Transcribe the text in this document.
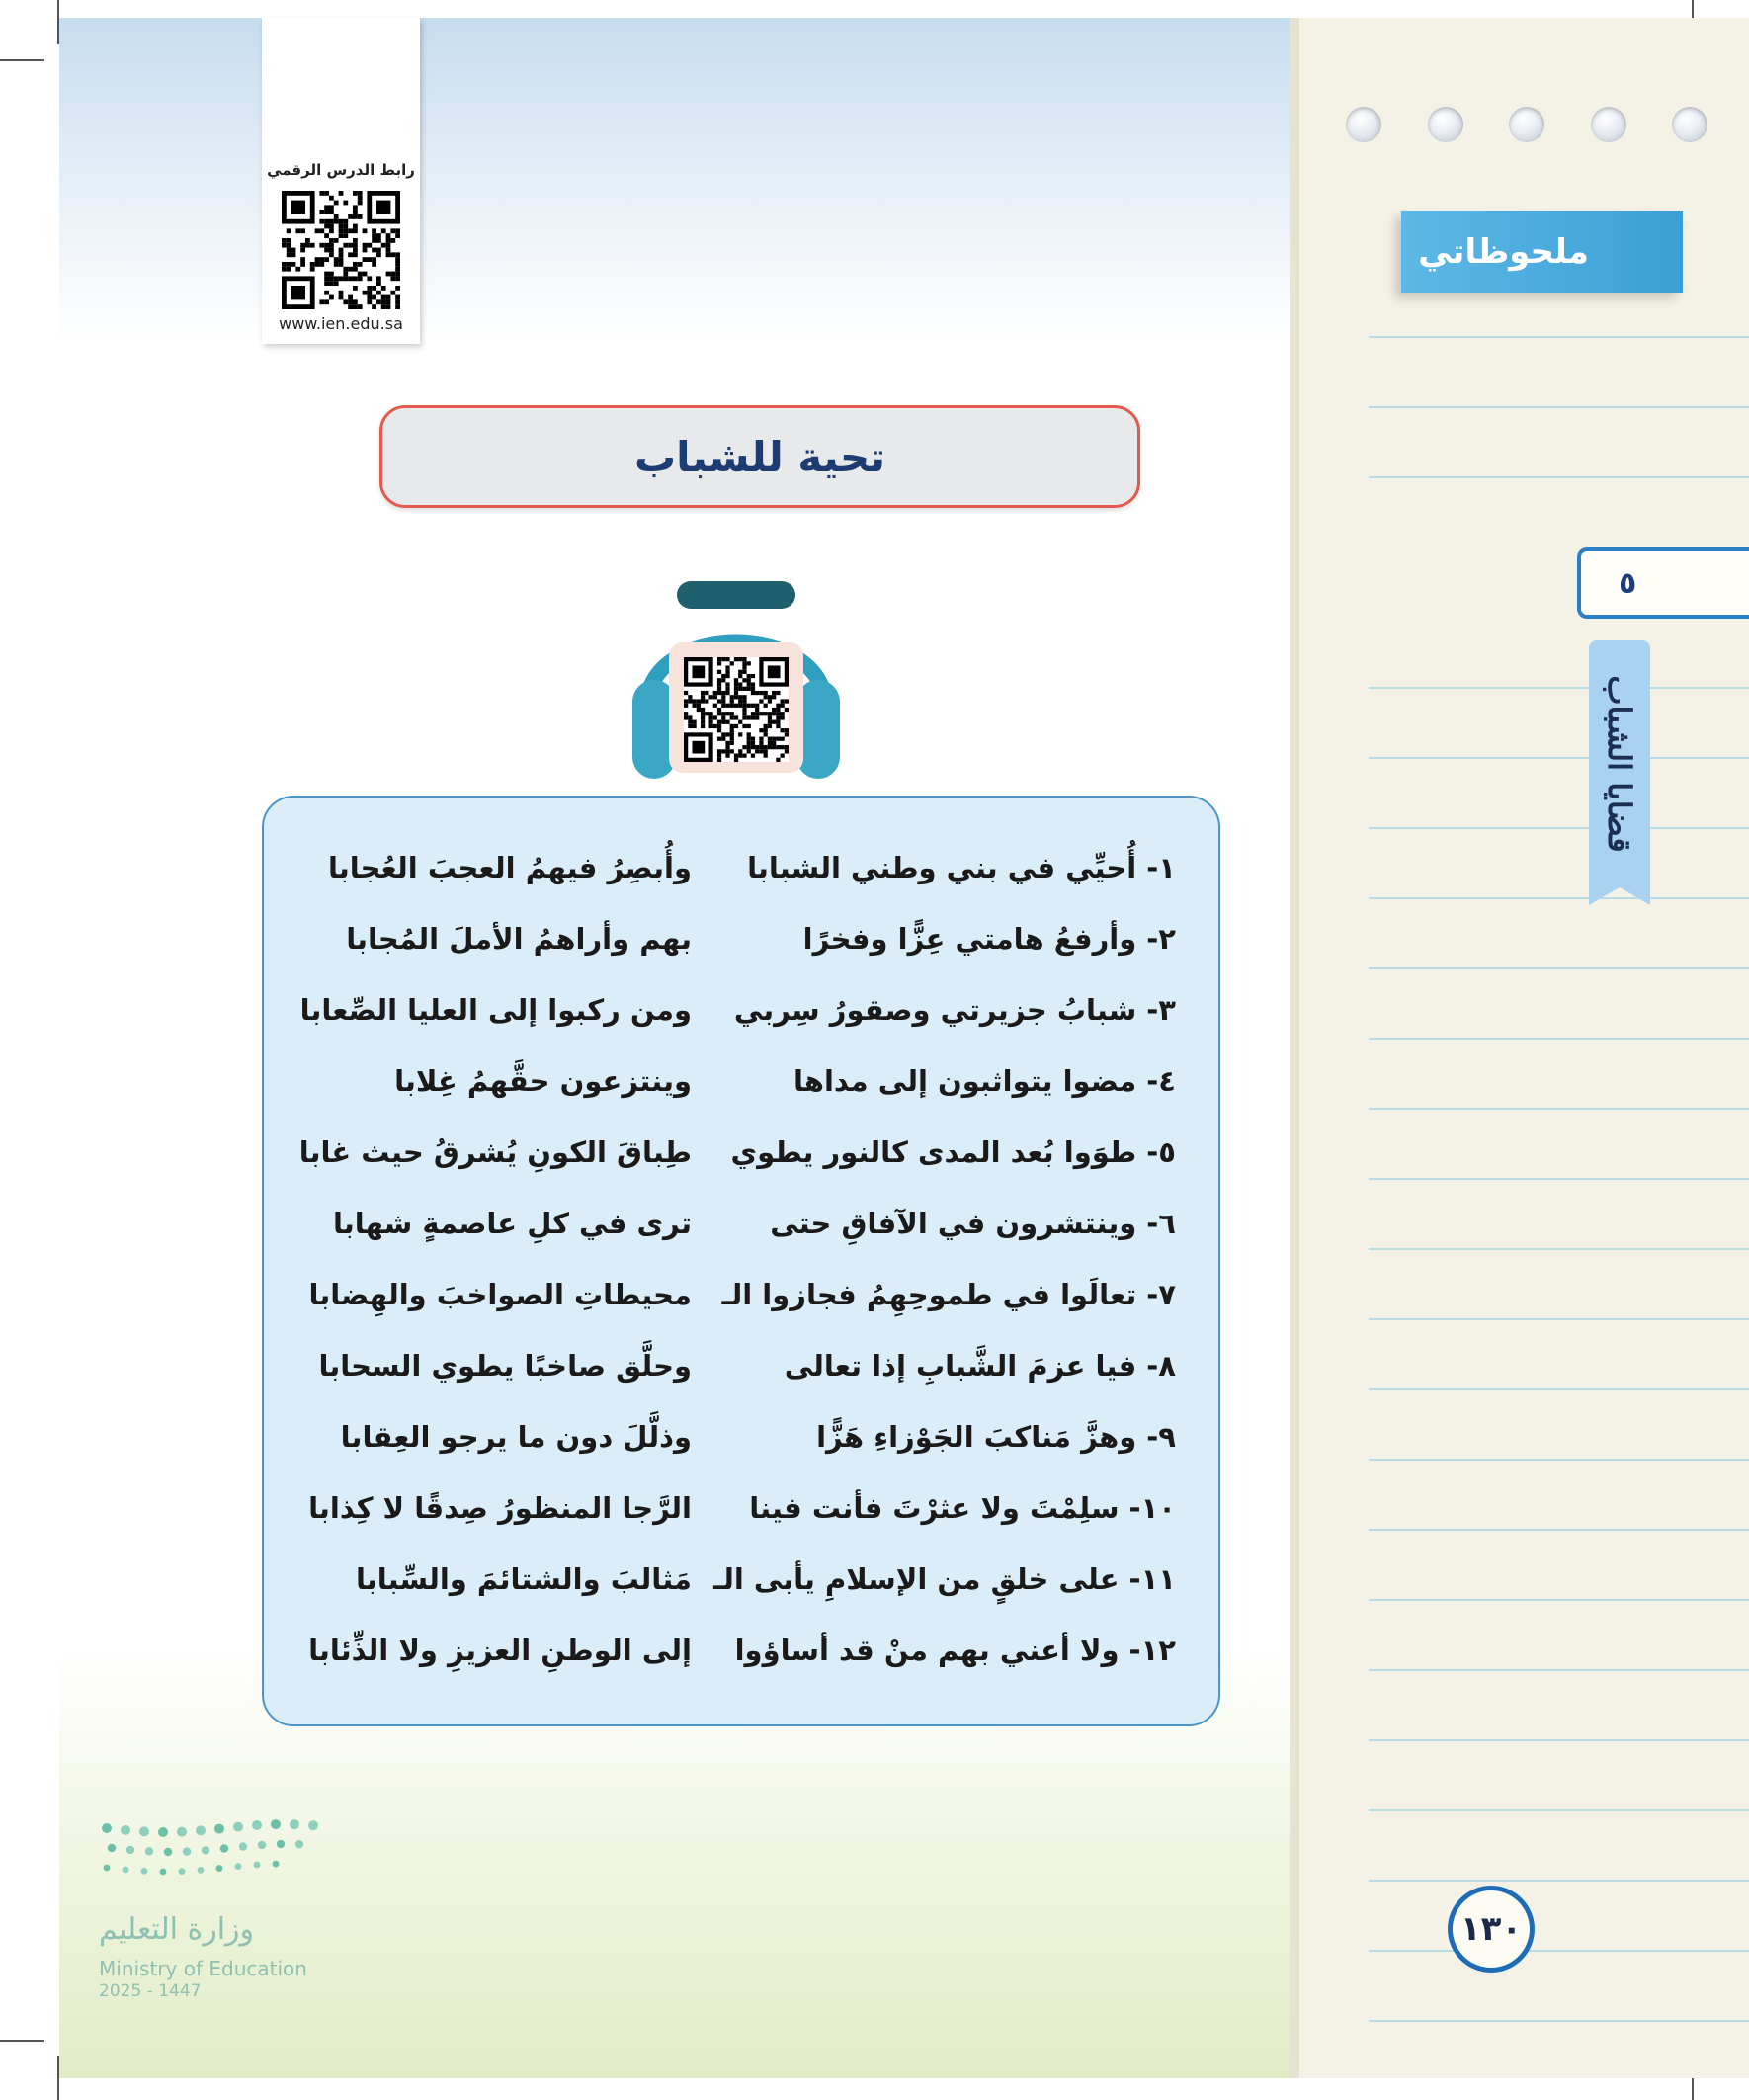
ملحوظاتي
٥
قضايا الشباب
١٣٠
رابط الدرس الرقمي
www.ien.edu.sa
تحية للشباب
١-أُحيِّي في بني وطني الشبابا
وأُبصِرُ فيهمُ العجبَ العُجابا
٢-وأرفعُ هامتي عِزًّا وفخرًا
بهم وأراهمُ الأملَ المُجابا
٣-شبابُ جزيرتي وصقورُ سِربي
ومن ركبوا إلى العليا الصِّعابا
٤-مضوا يتواثبون إلى مداها
وينتزعون حقَّهمُ غِلابا
٥-طوَوا بُعد المدى كالنور يطوي
طِباقَ الكونِ يُشرقُ حيث غابا
٦-وينتشرون في الآفاقِ حتى
ترى في كلِ عاصمةٍ شهابا
٧-تعالَوا في طموحِهِمُ فجازوا الـ
محيطاتِ الصواخبَ والهِضابا
٨-فيا عزمَ الشَّبابِ إذا تعالى
وحلَّق صاخبًا يطوي السحابا
٩-وهزَّ مَناكبَ الجَوْزاءِ هَزًّا
وذلَّلَ دون ما يرجو العِقابا
١٠-سلِمْتَ ولا عثرْتَ فأنت فينا
الرَّجا المنظورُ صِدقًا لا كِذابا
١١-على خلقٍ من الإسلامِ يأبى الـ
مَثالبَ والشتائمَ والسِّبابا
١٢-ولا أعني بهم منْ قد أساؤوا
إلى الوطنِ العزيزِ ولا الذِّئابا
وزارة التعليم
Ministry of Education
2025 - 1447
